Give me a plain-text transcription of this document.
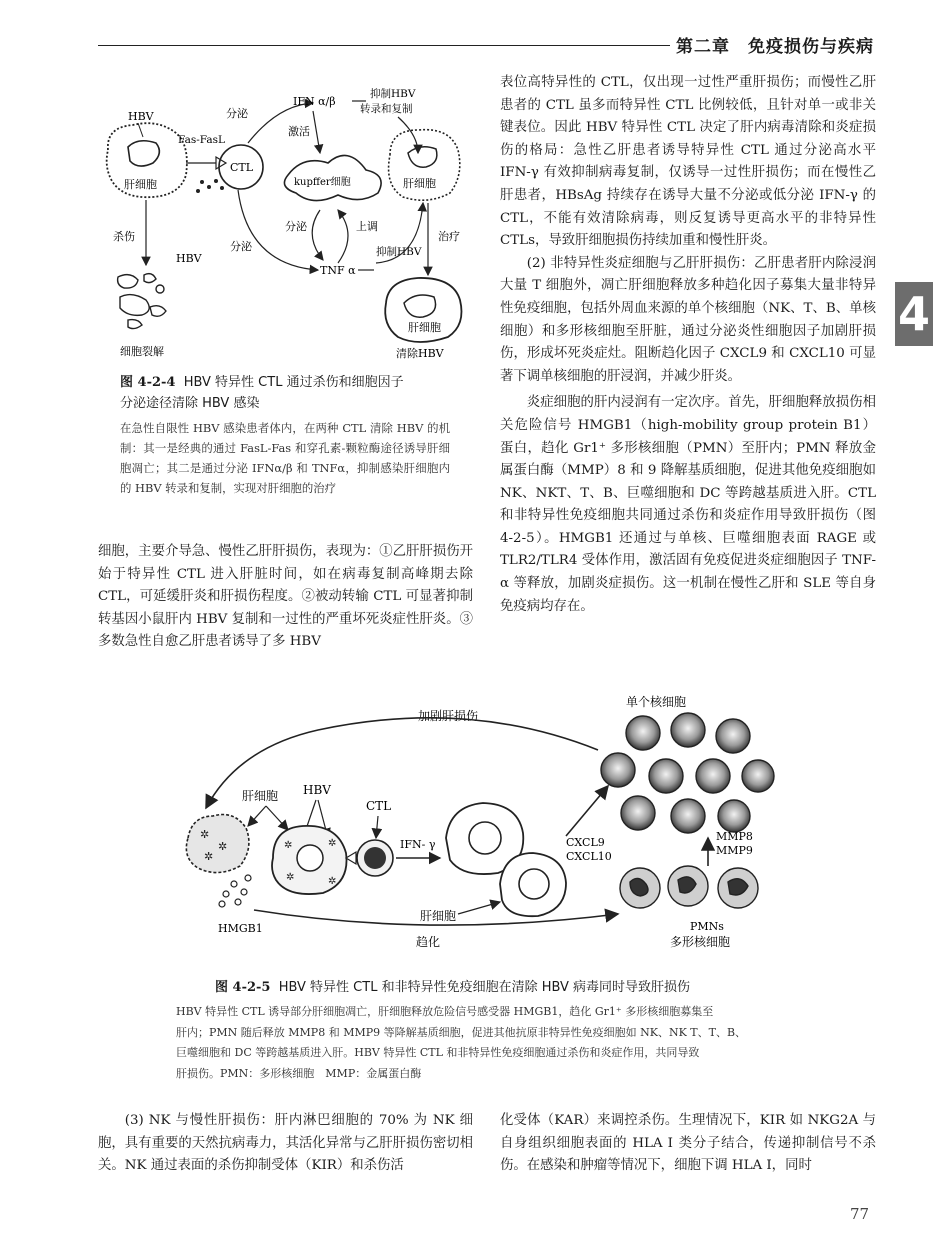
第二章　免疫损伤与疾病
4
HBV
肝细胞
Fas-FasL
CTL
分泌
IFN α/β
抑制HBV
转录和复制
激活
kupffer细胞	肝细胞
杀伤
HBV
分泌	上调
分泌
TNF α
抑制HBV
治疗
细胞裂解
肝细胞
清除HBV
图 4-2-4 HBV 特异性 CTL 通过杀伤和细胞因子
分泌途径清除 HBV 感染
在急性自限性 HBV 感染患者体内，在两种 CTL 清除 HBV 的机制：其一是经典的通过 FasL-Fas 和穿孔素-颗粒酶途径诱导肝细胞凋亡；其二是通过分泌 IFNα/β 和 TNFα，抑制感染肝细胞内的 HBV 转录和复制，实现对肝细胞的治疗

细胞，主要介导急、慢性乙肝肝损伤，表现为：①乙肝肝损伤开始于特异性 CTL 进入肝脏时间，如在病毒复制高峰期去除 CTL，可延缓肝炎和肝损伤程度。②被动转输 CTL 可显著抑制转基因小鼠肝内 HBV 复制和一过性的严重坏死炎症性肝炎。③多数急性自愈乙肝患者诱导了多 HBV

表位高特异性的 CTL，仅出现一过性严重肝损伤；而慢性乙肝患者的 CTL 虽多而特异性 CTL 比例较低，且针对单一或非关键表位。因此 HBV 特异性 CTL 决定了肝内病毒清除和炎症损伤的格局：急性乙肝患者诱导特异性 CTL 通过分泌高水平 IFN-γ 有效抑制病毒复制，仅诱导一过性肝损伤；而在慢性乙肝患者，HBsAg 持续存在诱导大量不分泌或低分泌 IFN-γ 的 CTL，不能有效清除病毒，则反复诱导更高水平的非特异性 CTLs，导致肝细胞损伤持续加重和慢性肝炎。

(2) 非特异性炎症细胞与乙肝肝损伤：乙肝患者肝内除浸润大量 T 细胞外，凋亡肝细胞释放多种趋化因子募集大量非特异性免疫细胞，包括外周血来源的单个核细胞（NK、T、B、单核细胞）和多形核细胞至肝脏，通过分泌炎性细胞因子加剧肝损伤，形成坏死炎症灶。阻断趋化因子 CXCL9 和 CXCL10 可显著下调单核细胞的肝浸润，并减少肝炎。

炎症细胞的肝内浸润有一定次序。首先，肝细胞释放损伤相关危险信号 HMGB1（high-mobility group protein B1）蛋白，趋化 Gr1⁺ 多形核细胞（PMN）至肝内；PMN 释放金属蛋白酶（MMP）8 和 9 降解基质细胞，促进其他免疫细胞如 NK、NKT、T、B、巨噬细胞和 DC 等跨越基质进入肝。CTL 和非特异性免疫细胞共同通过杀伤和炎症作用导致肝损伤（图 4-2-5）。HMGB1 还通过与单核、巨噬细胞表面 RAGE 或 TLR2/TLR4 受体作用，激活固有免疫促进炎症细胞因子 TNF-α 等释放，加剧炎症损伤。这一机制在慢性乙肝和 SLE 等自身免疫病均存在。

加剧肝损伤
单个核细胞
CXCL9
CXCL10
MMP8
MMP9
PMNs
多形核细胞
✲
✲
✲
HMGB1
肝细胞 HBV
✲	✲
✲	✲
CTL
IFN- γ
肝细胞
趋化
图 4-2-5 HBV 特异性 CTL 和非特异性免疫细胞在清除 HBV 病毒同时导致肝损伤
HBV 特异性 CTL 诱导部分肝细胞凋亡，肝细胞释放危险信号感受器 HMGB1，趋化 Gr1⁺ 多形核细胞募集至
肝内；PMN 随后释放 MMP8 和 MMP9 等降解基质细胞，促进其他抗原非特异性免疫细胞如 NK、NK T、T、B、
巨噬细胞和 DC 等跨越基质进入肝。HBV 特异性 CTL 和非特异性免疫细胞通过杀伤和炎症作用，共同导致
肝损伤。PMN：多形核细胞　MMP：金属蛋白酶

(3) NK 与慢性肝损伤：肝内淋巴细胞的 70% 为 NK 细胞，具有重要的天然抗病毒力，其活化异常与乙肝肝损伤密切相关。NK 通过表面的杀伤抑制受体（KIR）和杀伤活

化受体（KAR）来调控杀伤。生理情况下，KIR 如 NKG2A 与自身组织细胞表面的 HLA Ⅰ 类分子结合，传递抑制信号不杀伤。在感染和肿瘤等情况下，细胞下调 HLA Ⅰ，同时

77
